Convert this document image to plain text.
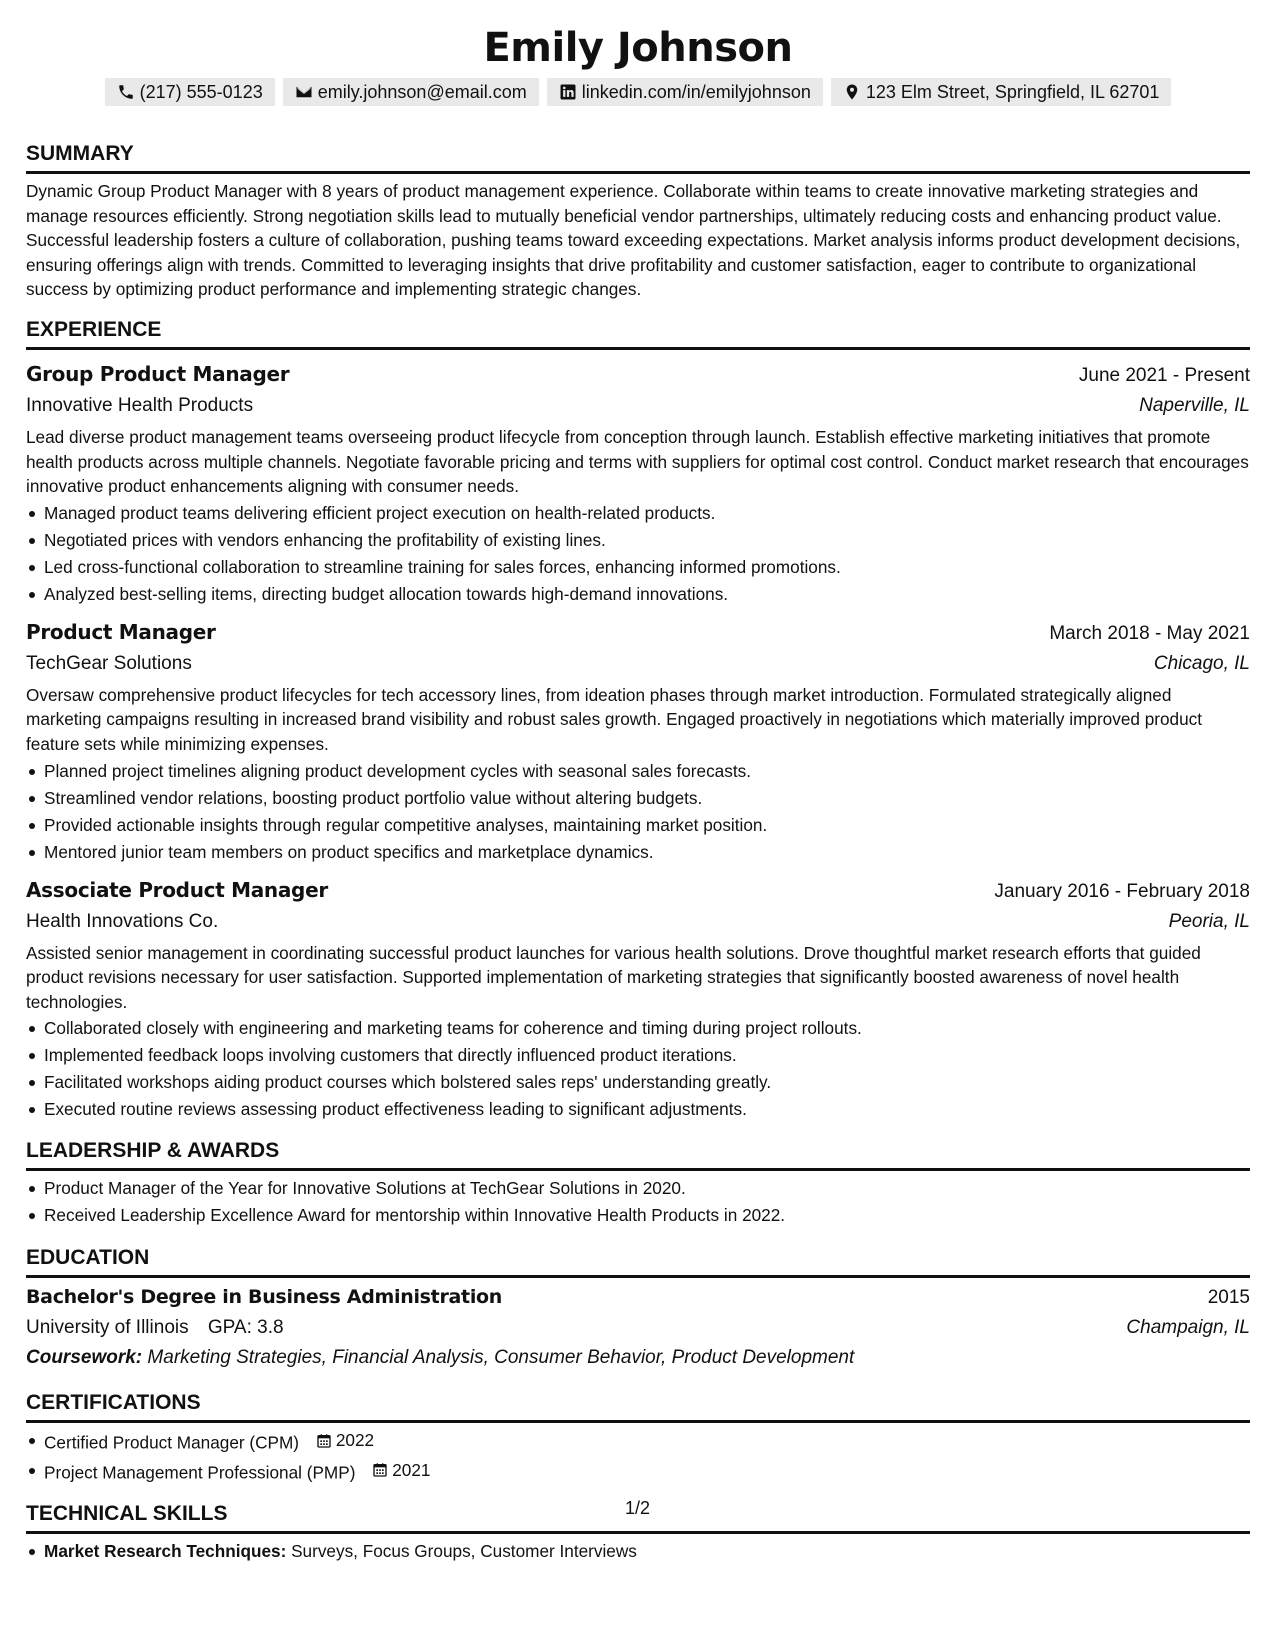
Emily Johnson
(217) 555-0123	emily.johnson@email.com	linkedin.com/in/emilyjohnson	123 Elm Street, Springfield, IL 62701
SUMMARY

Dynamic Group Product Manager with 8 years of product management experience. Collaborate within teams to create innovative marketing strategies and manage resources efficiently. Strong negotiation skills lead to mutually beneficial vendor partnerships, ultimately reducing costs and enhancing product value. Successful leadership fosters a culture of collaboration, pushing teams toward exceeding expectations. Market analysis informs product development decisions, ensuring offerings align with trends. Committed to leveraging insights that drive profitability and customer satisfaction, eager to contribute to organizational success by optimizing product performance and implementing strategic changes.

EXPERIENCE
Group Product Manager	June 2021 - Present
Innovative Health Products	Naperville, IL

Lead diverse product management teams overseeing product lifecycle from conception through launch. Establish effective marketing initiatives that promote health products across multiple channels. Negotiate favorable pricing and terms with suppliers for optimal cost control. Conduct market research that encourages innovative product enhancements aligning with consumer needs.

Managed product teams delivering efficient project execution on health-related products.
Negotiated prices with vendors enhancing the profitability of existing lines.
Led cross-functional collaboration to streamline training for sales forces, enhancing informed promotions.
Analyzed best-selling items, directing budget allocation towards high-demand innovations.
Product Manager	March 2018 - May 2021
TechGear Solutions	Chicago, IL

Oversaw comprehensive product lifecycles for tech accessory lines, from ideation phases through market introduction. Formulated strategically aligned marketing campaigns resulting in increased brand visibility and robust sales growth. Engaged proactively in negotiations which materially improved product feature sets while minimizing expenses.

Planned project timelines aligning product development cycles with seasonal sales forecasts.
Streamlined vendor relations, boosting product portfolio value without altering budgets.
Provided actionable insights through regular competitive analyses, maintaining market position.
Mentored junior team members on product specifics and marketplace dynamics.
Associate Product Manager	January 2016 - February 2018
Health Innovations Co.	Peoria, IL

Assisted senior management in coordinating successful product launches for various health solutions. Drove thoughtful market research efforts that guided product revisions necessary for user satisfaction. Supported implementation of marketing strategies that significantly boosted awareness of novel health technologies.

Collaborated closely with engineering and marketing teams for coherence and timing during project rollouts.
Implemented feedback loops involving customers that directly influenced product iterations.
Facilitated workshops aiding product courses which bolstered sales reps' understanding greatly.
Executed routine reviews assessing product effectiveness leading to significant adjustments.
LEADERSHIP & AWARDS
Product Manager of the Year for Innovative Solutions at TechGear Solutions in 2020.
Received Leadership Excellence Award for mentorship within Innovative Health Products in 2022.
EDUCATION
Bachelor's Degree in Business Administration	2015
University of Illinois GPA: 3.8	Champaign, IL
Coursework: Marketing Strategies, Financial Analysis, Consumer Behavior, Product Development
CERTIFICATIONS
Certified Product Manager (CPM) 2022
Project Management Professional (PMP) 2021
TECHNICAL SKILLS
Market Research Techniques: Surveys, Focus Groups, Customer Interviews
1/2
